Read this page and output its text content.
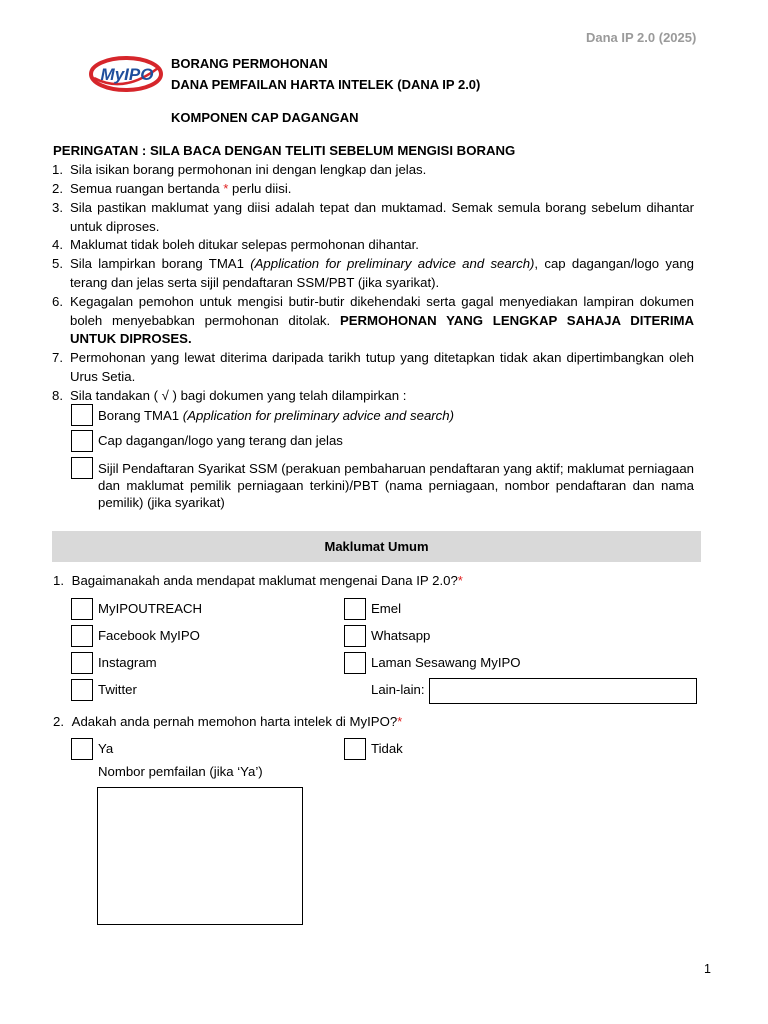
Dana IP 2.0 (2025)
MyIPO
BORANG PERMOHONAN
DANA PEMFAILAN HARTA INTELEK (DANA IP 2.0)
KOMPONEN CAP DAGANGAN
PERINGATAN : SILA BACA DENGAN TELITI SEBELUM MENGISI BORANG
1. Sila isikan borang permohonan ini dengan lengkap dan jelas.
2. Semua ruangan bertanda * perlu diisi.
3. Sila pastikan maklumat yang diisi adalah tepat dan muktamad. Semak semula borang sebelum dihantar untuk diproses.
4. Maklumat tidak boleh ditukar selepas permohonan dihantar.
5. Sila lampirkan borang TMA1 (Application for preliminary advice and search), cap dagangan/logo yang terang dan jelas serta sijil pendaftaran SSM/PBT (jika syarikat).
6. Kegagalan pemohon untuk mengisi butir-butir dikehendaki serta gagal menyediakan lampiran dokumen boleh menyebabkan permohonan ditolak. PERMOHONAN YANG LENGKAP SAHAJA DITERIMA UNTUK DIPROSES.
7. Permohonan yang lewat diterima daripada tarikh tutup yang ditetapkan tidak akan dipertimbangkan oleh Urus Setia.
8. Sila tandakan ( √ ) bagi dokumen yang telah dilampirkan :
Borang TMA1 (Application for preliminary advice and search)
Cap dagangan/logo yang terang dan jelas
Sijil Pendaftaran Syarikat SSM (perakuan pembaharuan pendaftaran yang aktif; maklumat perniagaan dan maklumat pemilik perniagaan terkini)/PBT (nama perniagaan, nombor pendaftaran dan nama pemilik) (jika syarikat)
Maklumat Umum
1. Bagaimanakah anda mendapat maklumat mengenai Dana IP 2.0?*
MyIPOUTREACH
Facebook MyIPO
Instagram
Twitter
Emel
Whatsapp
Laman Sesawang MyIPO
Lain-lain:
2. Adakah anda pernah memohon harta intelek di MyIPO?*
Ya	Tidak
Nombor pemfailan (jika ‘Ya’)
1
